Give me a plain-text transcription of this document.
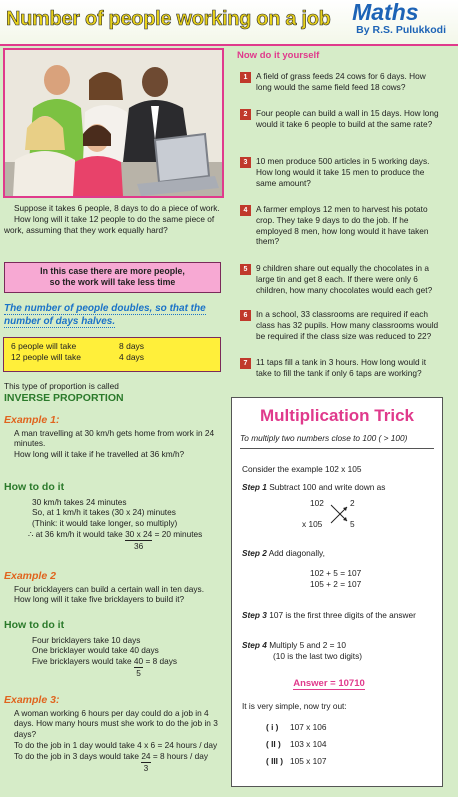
Number of people working on a job Maths
By R.S. Pulukkodi

Suppose it takes 6 people, 8 days to do a piece of work.

How long will it take 12 people to do the same piece of work, assuming that they work equally hard?

In this case there are more people,
so the work will take less time
The number of people doubles, so that the
number of days halves.
6 people will take	8 days
12 people will take	4 days
This type of proportion is called
INVERSE PROPORTION
Example 1:

A man travelling at 30 km/h gets home from work in 24 minutes.

How long will it take if he travelled at 36 km/h?

How to do it

30 km/h takes 24 minutes

So, at 1 km/h it takes (30 x 24) minutes

(Think: it would take longer, so multiply)

∴ at 36 km/h it would take $\frac{30 x 24}{36} = 20$ minutes

Example 2

Four bricklayers can build a certain wall in ten days.

How long will it take five bricklayers to build it?

How to do it

Four bricklayers take 10 days

One bricklayer would take 40 days

Five bricklayers would take $\frac{40}{5} = 8$ days

Example 3:

A woman working 6 hours per day could do a job in 4 days. How many hours must she work to do the job in 3 days?

To do the job in 1 day would take 4 x 6 = 24 hours / day

To do the job in 3 days would take $\frac{24}{3} = 8$ hours / day

Now do it yourself
1	A field of grass feeds 24 cows for 6 days. How long would the same field feed 18 cows?
2	Four people can build a wall in 15 days. How long would it take 6 people to build at the same rate?
3	10 men produce 500 articles in 5 working days. How long would it take 15 men to produce the same amount?
4	A farmer employs 12 men to harvest his potato crop. They take 9 days to do the job. If he employed 8 men, how long would it have taken them?
5	9 children share out equally the chocolates in a large tin and get 8 each. If there were only 6 children, how many chocolates would each get?
6	In a school, 33 classrooms are required if each class has 32 pupils. How many classrooms would be required if the class size was reduced to 22?
7	11 taps fill a tank in 3 hours. How long would it take to fill the tank if only 6 taps are working?
Multiplication Trick
To multiply two numbers close to 100 ( > 100)
Consider the example 102 x 105
Step 1 Subtract 100 and write down as
102	2
x 105	5
Step 2 Add diagonally,
102 + 5 = 107
105 + 2 = 107
Step 3 107 is the first three digits of the answer
Step 4 Multiply 5 and 2 = 10
(10 is the last two digits)
Answer = 10710
It is very simple, now try out:
( i ) 107 x 106
( II ) 103 x 104
( III ) 105 x 107
